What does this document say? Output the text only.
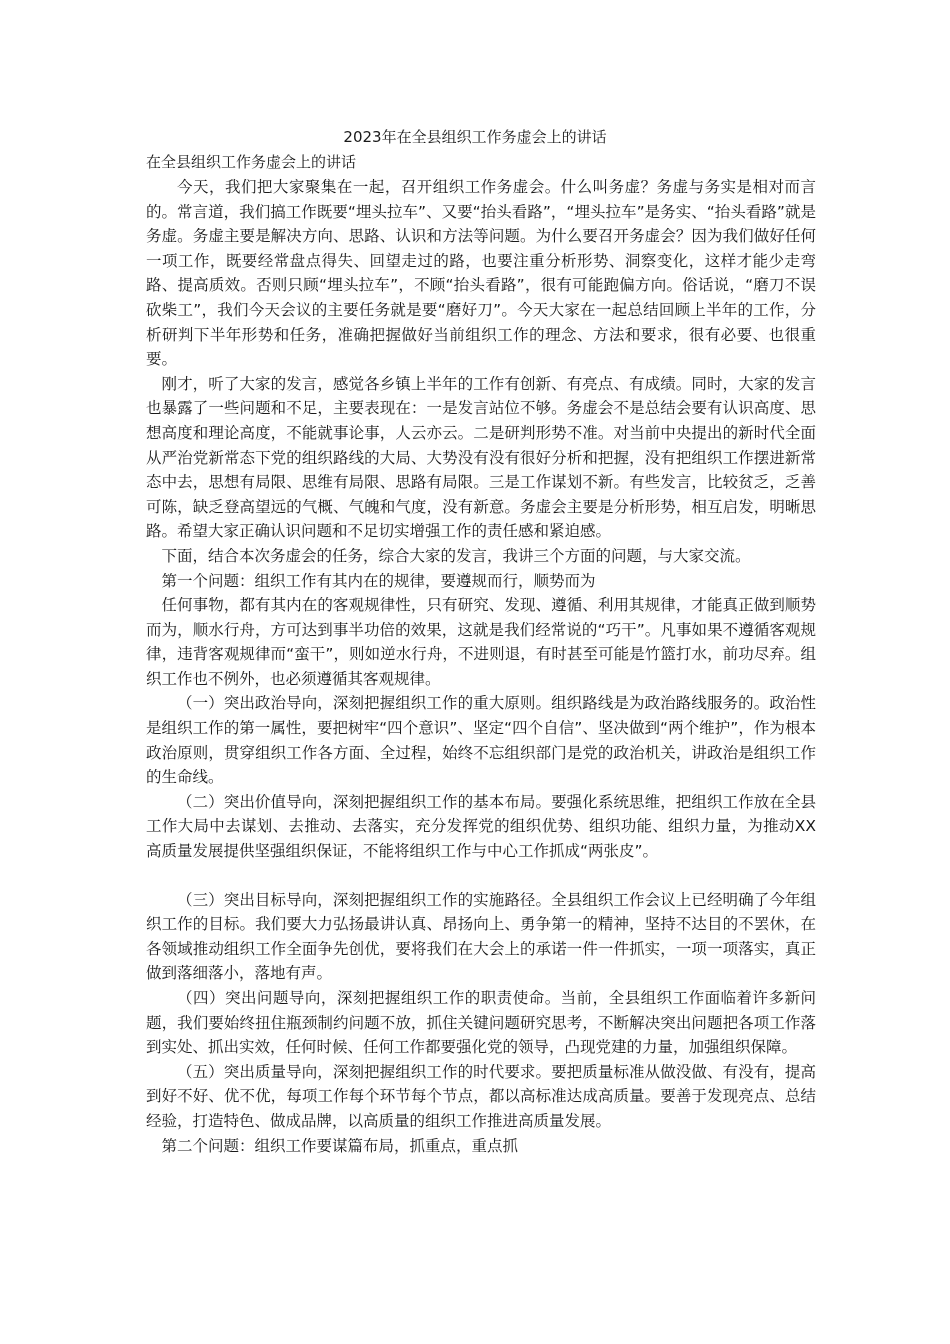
2023年在全县组织工作务虚会上的讲话
在全县组织工作务虚会上的讲话

今天，我们把大家聚集在一起，召开组织工作务虚会。什么叫务虚？务虚与务实是相对而言的。常言道，我们搞工作既要“埋头拉车”、又要“抬头看路”，“埋头拉车”是务实、“抬头看路”就是务虚。务虚主要是解决方向、思路、认识和方法等问题。为什么要召开务虚会？因为我们做好任何一项工作，既要经常盘点得失、回望走过的路，也要注重分析形势、洞察变化，这样才能少走弯路、提高质效。否则只顾“埋头拉车”，不顾“抬头看路”，很有可能跑偏方向。俗话说，“磨刀不误砍柴工”，我们今天会议的主要任务就是要“磨好刀”。今天大家在一起总结回顾上半年的工作，分析研判下半年形势和任务，准确把握做好当前组织工作的理念、方法和要求，很有必要、也很重要。

刚才，听了大家的发言，感觉各乡镇上半年的工作有创新、有亮点、有成绩。同时，大家的发言也暴露了一些问题和不足，主要表现在：一是发言站位不够。务虚会不是总结会要有认识高度、思想高度和理论高度，不能就事论事，人云亦云。二是研判形势不准。对当前中央提出的新时代全面从严治党新常态下党的组织路线的大局、大势没有没有很好分析和把握，没有把组织工作摆进新常态中去，思想有局限、思维有局限、思路有局限。三是工作谋划不新。有些发言，比较贫乏，乏善可陈，缺乏登高望远的气概、气魄和气度，没有新意。务虚会主要是分析形势，相互启发，明晰思路。希望大家正确认识问题和不足切实增强工作的责任感和紧迫感。

下面，结合本次务虚会的任务，综合大家的发言，我讲三个方面的问题，与大家交流。

第一个问题：组织工作有其内在的规律，要遵规而行，顺势而为

任何事物，都有其内在的客观规律性，只有研究、发现、遵循、利用其规律，才能真正做到顺势而为，顺水行舟，方可达到事半功倍的效果，这就是我们经常说的“巧干”。凡事如果不遵循客观规律，违背客观规律而“蛮干”，则如逆水行舟，不进则退，有时甚至可能是竹篮打水，前功尽弃。组织工作也不例外，也必须遵循其客观规律。

（一）突出政治导向，深刻把握组织工作的重大原则。组织路线是为政治路线服务的。政治性是组织工作的第一属性，要把树牢“四个意识”、坚定“四个自信”、坚决做到“两个维护”，作为根本政治原则，贯穿组织工作各方面、全过程，始终不忘组织部门是党的政治机关，讲政治是组织工作的生命线。

（二）突出价值导向，深刻把握组织工作的基本布局。要强化系统思维，把组织工作放在全县工作大局中去谋划、去推动、去落实，充分发挥党的组织优势、组织功能、组织力量，为推动XX高质量发展提供坚强组织保证，不能将组织工作与中心工作抓成“两张皮”。

（三）突出目标导向，深刻把握组织工作的实施路径。全县组织工作会议上已经明确了今年组织工作的目标。我们要大力弘扬最讲认真、昂扬向上、勇争第一的精神，坚持不达目的不罢休，在各领域推动组织工作全面争先创优，要将我们在大会上的承诺一件一件抓实，一项一项落实，真正做到落细落小，落地有声。

（四）突出问题导向，深刻把握组织工作的职责使命。当前，全县组织工作面临着许多新问题，我们要始终扭住瓶颈制约问题不放，抓住关键问题研究思考，不断解决突出问题把各项工作落到实处、抓出实效，任何时候、任何工作都要强化党的领导，凸现党建的力量，加强组织保障。

（五）突出质量导向，深刻把握组织工作的时代要求。要把质量标准从做没做、有没有，提高到好不好、优不优，每项工作每个环节每个节点，都以高标准达成高质量。要善于发现亮点、总结经验，打造特色、做成品牌，以高质量的组织工作推进高质量发展。

第二个问题：组织工作要谋篇布局，抓重点，重点抓
